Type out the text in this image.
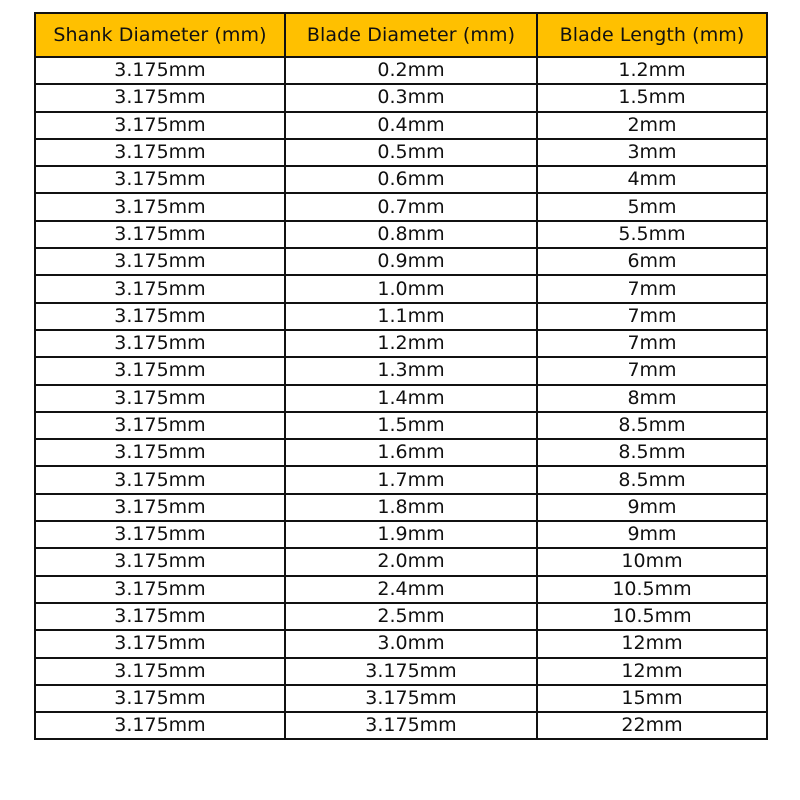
Shank Diameter (mm)	Blade Diameter (mm)	Blade Length (mm)
3.175mm	0.2mm	1.2mm
3.175mm	0.3mm	1.5mm
3.175mm	0.4mm	2mm
3.175mm	0.5mm	3mm
3.175mm	0.6mm	4mm
3.175mm	0.7mm	5mm
3.175mm	0.8mm	5.5mm
3.175mm	0.9mm	6mm
3.175mm	1.0mm	7mm
3.175mm	1.1mm	7mm
3.175mm	1.2mm	7mm
3.175mm	1.3mm	7mm
3.175mm	1.4mm	8mm
3.175mm	1.5mm	8.5mm
3.175mm	1.6mm	8.5mm
3.175mm	1.7mm	8.5mm
3.175mm	1.8mm	9mm
3.175mm	1.9mm	9mm
3.175mm	2.0mm	10mm
3.175mm	2.4mm	10.5mm
3.175mm	2.5mm	10.5mm
3.175mm	3.0mm	12mm
3.175mm	3.175mm	12mm
3.175mm	3.175mm	15mm
3.175mm	3.175mm	22mm
